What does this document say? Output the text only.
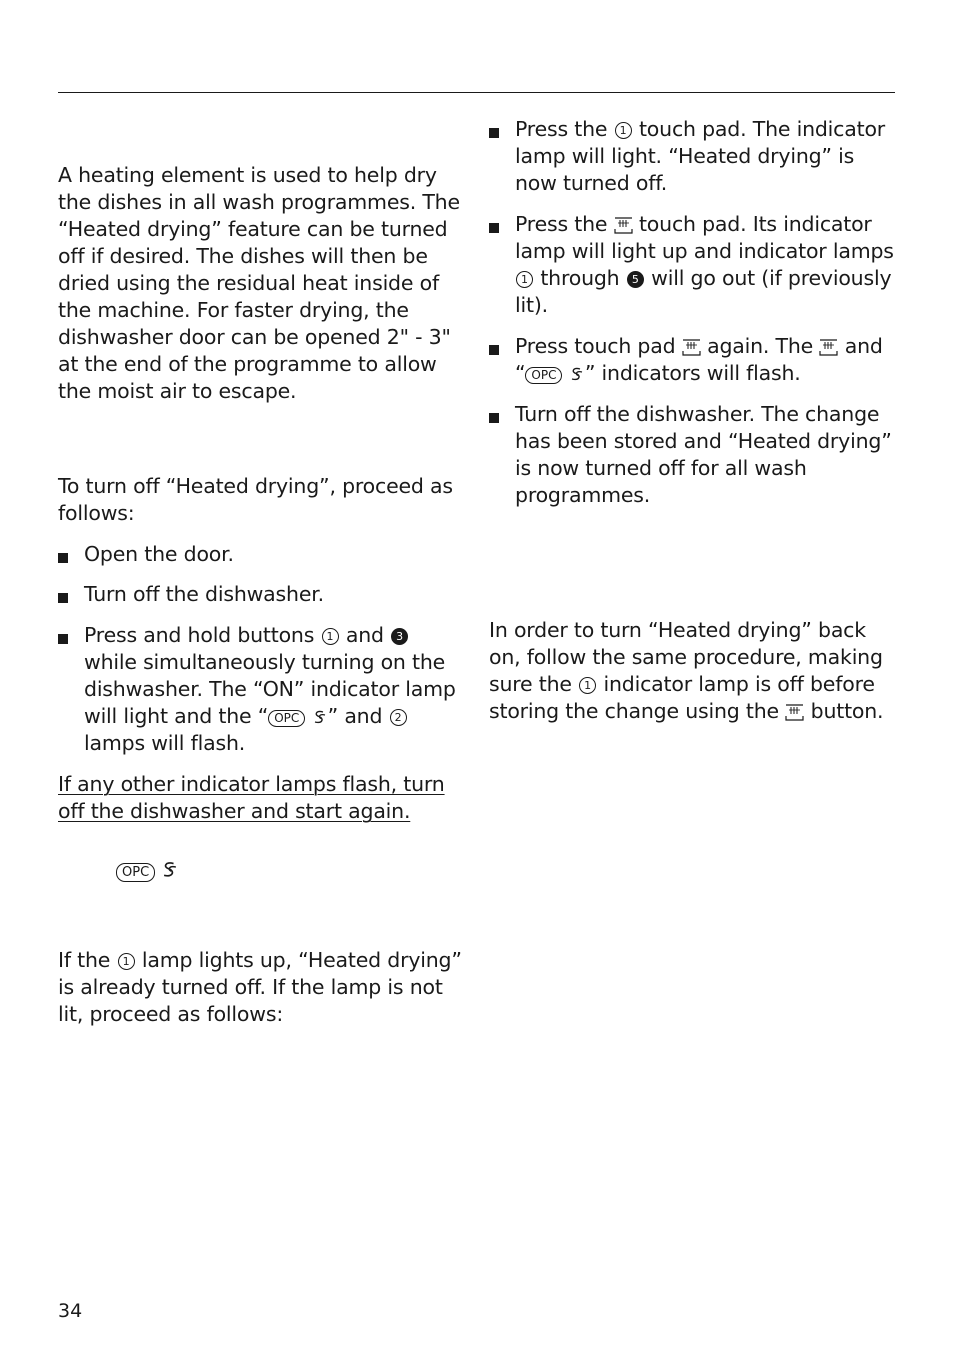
A heating element is used to help dry the dishes in all wash programmes. The “Heated drying” feature can be turned off if desired. The dishes will then be dried using the residual heat inside of the machine. For faster drying, the dishwasher door can be opened 2" - 3" at the end of the programme to allow the moist air to escape.

To turn off “Heated drying”, proceed as follows:

Open the door.

Turn off the dishwasher.

Press and hold buttons 1 and 3 while simultaneously turning on the dishwasher. The “ON” indicator lamp will light and the “ OPC ” and 2 lamps will flash.

If any other indicator lamps flash, turn off the dishwasher and start again.

OPC

If the 1 lamp lights up, “Heated drying” is already turned off. If the lamp is not lit, proceed as follows:

Press the 1 touch pad. The indicator lamp will light. “Heated drying” is now turned off.

Press the touch pad. Its indicator lamp will light up and indicator lamps 1 through 5 will go out (if previously lit).

Press touch pad again. The and “ OPC ” indicators will flash.

Turn off the dishwasher. The change has been stored and “Heated drying” is now turned off for all wash programmes.

In order to turn “Heated drying” back on, follow the same procedure, making sure the 1 indicator lamp is off before storing the change using the button.

34
